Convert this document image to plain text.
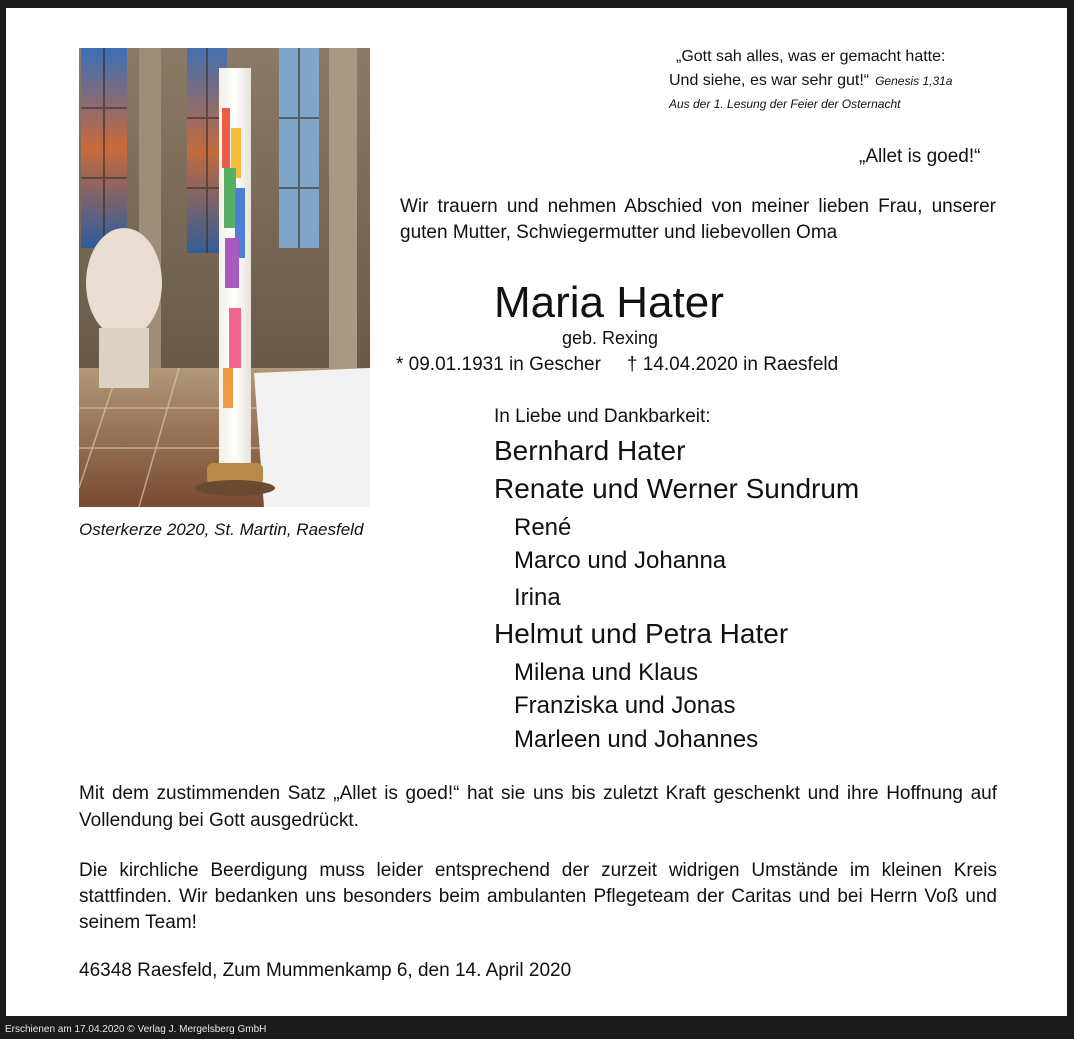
Osterkerze 2020, St. Martin, Raesfeld
„Gott sah alles, was er gemacht hatte:
Und siehe, es war sehr gut!“ Genesis 1,31a
Aus der 1. Lesung der Feier der Osternacht
„Allet is goed!“
Wir trauern und nehmen Abschied von meiner lieben Frau, unserer guten Mutter, Schwiegermutter und liebevollen Oma
Maria Hater
geb. Rexing
* 09.01.1931 in Gescher † 14.04.2020 in Raesfeld
In Liebe und Dankbarkeit:
Bernhard Hater
Renate und Werner Sundrum
René
Marco und Johanna
Irina
Helmut und Petra Hater
Milena und Klaus
Franziska und Jonas
Marleen und Johannes
Mit dem zustimmenden Satz „Allet is goed!“ hat sie uns bis zuletzt Kraft geschenkt und ihre Hoffnung auf Vollendung bei Gott ausgedrückt.
Die kirchliche Beerdigung muss leider entsprechend der zurzeit widrigen Umstände im kleinen Kreis stattfinden. Wir bedanken uns besonders beim ambulanten Pflegeteam der Caritas und bei Herrn Voß und seinem Team!
46348 Raesfeld, Zum Mummenkamp 6, den 14. April 2020
Erschienen am 17.04.2020 © Verlag J. Mergelsberg GmbH
